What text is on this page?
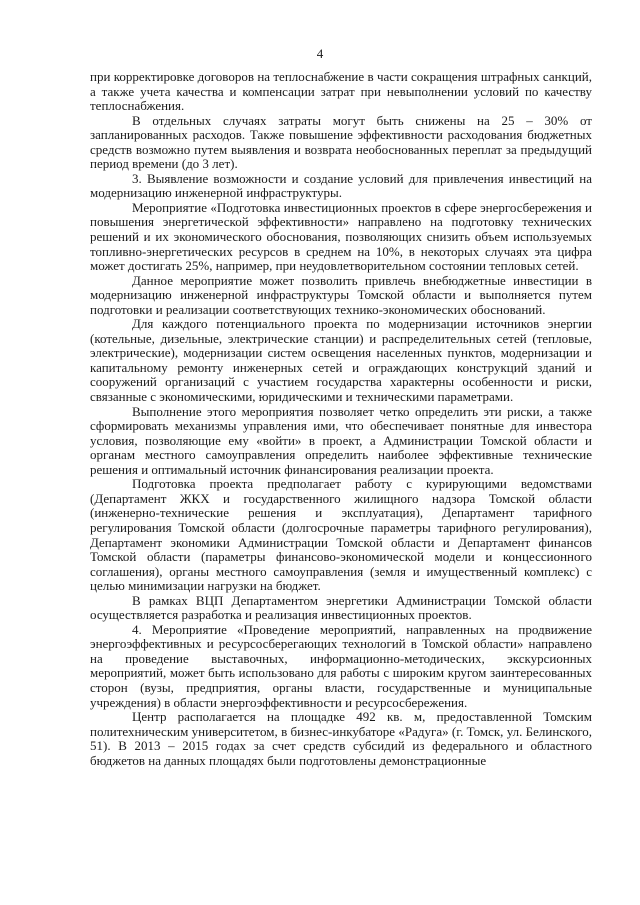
4

при корректировке договоров на теплоснабжение в части сокращения штрафных санкций, а также учета качества и компенсации затрат при невыполнении условий по качеству теплоснабжения.

В отдельных случаях затраты могут быть снижены на 25 – 30% от запланированных расходов. Также повышение эффективности расходования бюджетных средств возможно путем выявления и возврата необоснованных переплат за предыдущий период времени (до 3 лет).

3. Выявление возможности и создание условий для привлечения инвестиций на модернизацию инженерной инфраструктуры.

Мероприятие «Подготовка инвестиционных проектов в сфере энергосбережения и повышения энергетической эффективности» направлено на подготовку технических решений и их экономического обоснования, позволяющих снизить объем используемых топливно-энергетических ресурсов в среднем на 10%, в некоторых случаях эта цифра может достигать 25%, например, при неудовлетворительном состоянии тепловых сетей.

Данное мероприятие может позволить привлечь внебюджетные инвестиции в модернизацию инженерной инфраструктуры Томской области и выполняется путем подготовки и реализации соответствующих технико-экономических обоснований.

Для каждого потенциального проекта по модернизации источников энергии (котельные, дизельные, электрические станции) и распределительных сетей (тепловые, электрические), модернизации систем освещения населенных пунктов, модернизации и капитальному ремонту инженерных сетей и ограждающих конструкций зданий и сооружений организаций с участием государства характерны особенности и риски, связанные с экономическими, юридическими и техническими параметрами.

Выполнение этого мероприятия позволяет четко определить эти риски, а также сформировать механизмы управления ими, что обеспечивает понятные для инвестора условия, позволяющие ему «войти» в проект, а Администрации Томской области и органам местного самоуправления определить наиболее эффективные технические решения и оптимальный источник финансирования реализации проекта.

Подготовка проекта предполагает работу с курирующими ведомствами (Департамент ЖКХ и государственного жилищного надзора Томской области (инженерно-технические решения и эксплуатация), Департамент тарифного регулирования Томской области (долгосрочные параметры тарифного регулирования), Департамент экономики Администрации Томской области и Департамент финансов Томской области (параметры финансово-экономической модели и концессионного соглашения), органы местного самоуправления (земля и имущественный комплекс) с целью минимизации нагрузки на бюджет.

В рамках ВЦП Департаментом энергетики Администрации Томской области осуществляется разработка и реализация инвестиционных проектов.

4. Мероприятие «Проведение мероприятий, направленных на продвижение энергоэффективных и ресурсосберегающих технологий в Томской области» направлено на проведение выставочных, информационно-методических, экскурсионных мероприятий, может быть использовано для работы с широким кругом заинтересованных сторон (вузы, предприятия, органы власти, государственные и муниципальные учреждения) в области энергоэффективности и ресурсосбережения.

Центр располагается на площадке 492 кв. м, предоставленной Томским политехническим университетом, в бизнес-инкубаторе «Радуга» (г. Томск, ул. Белинского, 51). В 2013 – 2015 годах за счет средств субсидий из федерального и областного бюджетов на данных площадях были подготовлены демонстрационные
